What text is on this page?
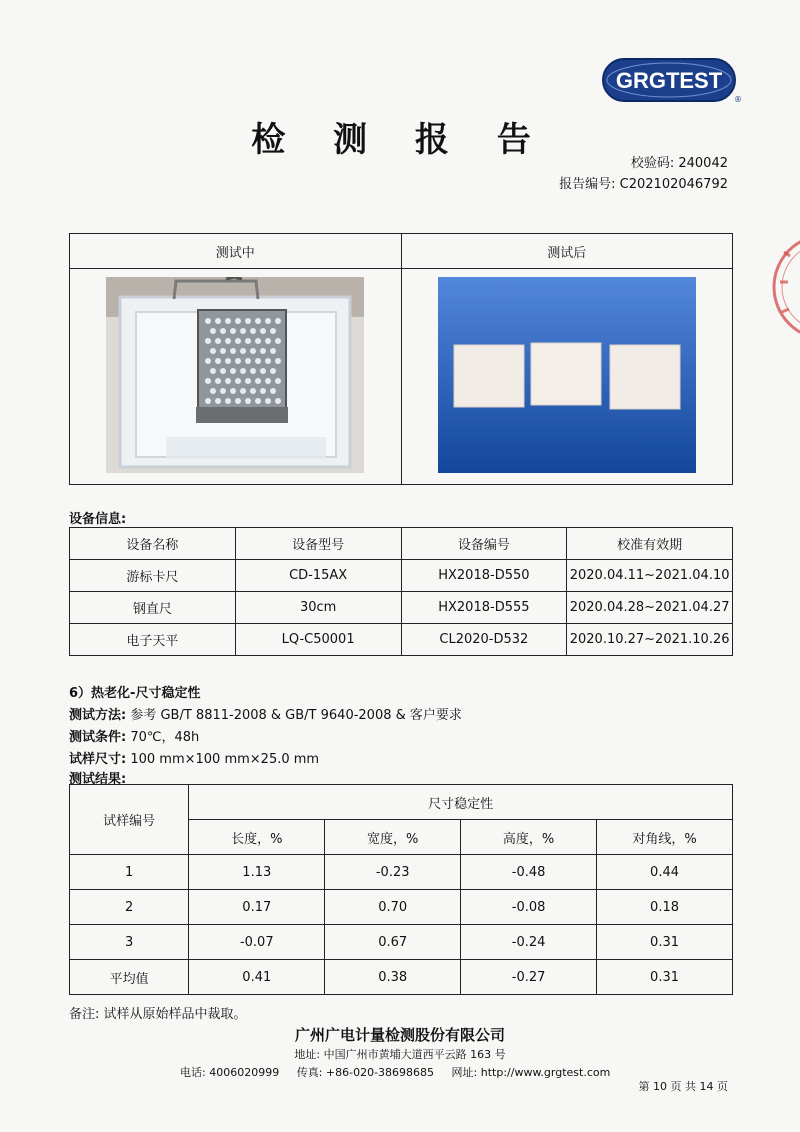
GRGTEST
®
检 测 报 告
校验码: 240042
报告编号: C202102046792
测试中	测试后

设备信息:
设备名称	设备型号	设备编号	校准有效期
游标卡尺	CD-15AX	HX2018-D550	2020.04.11~2021.04.10
钢直尺	30cm	HX2018-D555	2020.04.28~2021.04.27
电子天平	LQ-C50001	CL2020-D532	2020.10.27~2021.10.26
6）热老化-尺寸稳定性
测试方法: 参考 GB/T 8811-2008 & GB/T 9640-2008 & 客户要求
测试条件: 70℃，48h
试样尺寸: 100 mm×100 mm×25.0 mm
测试结果:
试样编号	尺寸稳定性			
	长度，%	宽度，%	高度，%	对角线，%
1	1.13	-0.23	-0.48	0.44
2	0.17	0.70	-0.08	0.18
3	-0.07	0.67	-0.24	0.31
平均值	0.41	0.38	-0.27	0.31
备注: 试样从原始样品中裁取。
广州广电计量检测股份有限公司
地址: 中国广州市黄埔大道西平云路 163 号
电话: 4006020999 传真: +86-020-38698685 网址: http://www.grgtest.com
第 10 页 共 14 页
